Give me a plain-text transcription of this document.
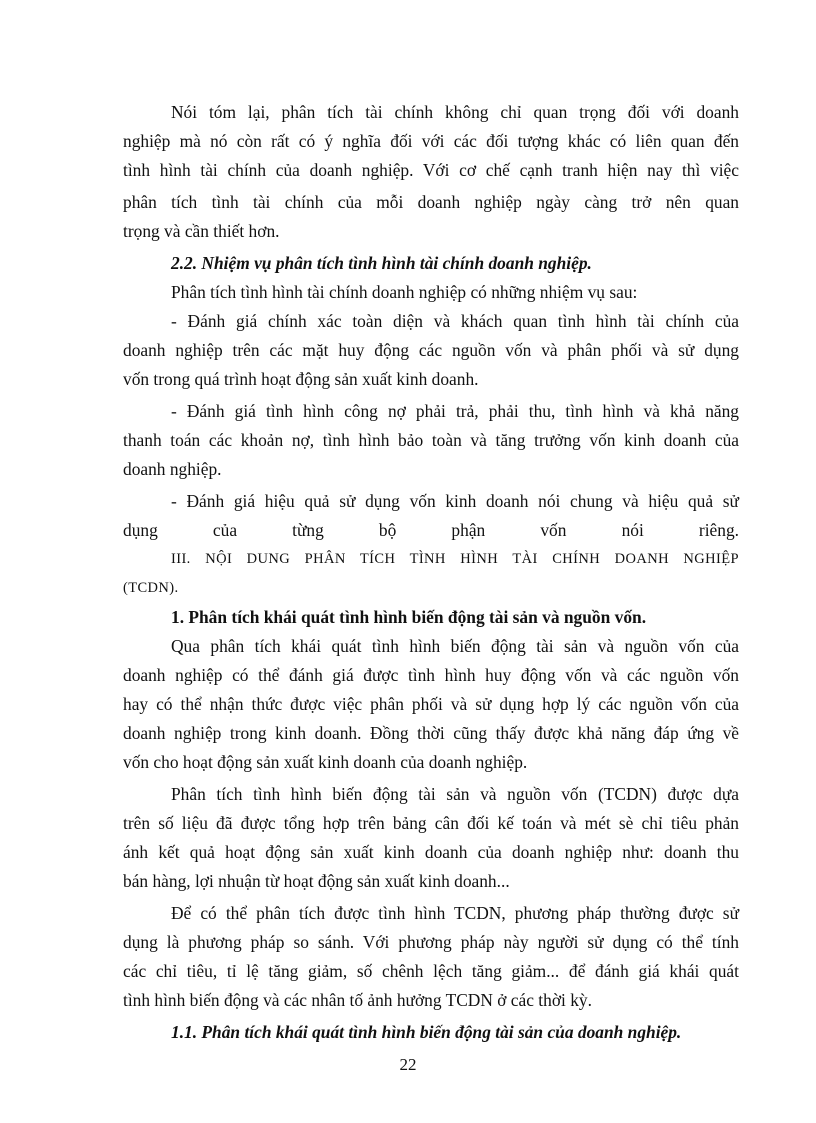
Nói tóm lại, phân tích tài chính không chỉ quan trọng đối với doanh

nghiệp mà nó còn rất có ý nghĩa đối với các đối tượng khác có liên quan đến

tình hình tài chính của doanh nghiệp. Với cơ chế cạnh tranh hiện nay thì việc

phân tích tình tài chính của mỗi doanh nghiệp ngày càng trở nên quan

trọng và cần thiết hơn.

2.2. Nhiệm vụ phân tích tình hình tài chính doanh nghiệp.

Phân tích tình hình tài chính doanh nghiệp có những nhiệm vụ sau:

- Đánh giá chính xác toàn diện và khách quan tình hình tài chính của

doanh nghiệp trên các mặt huy động các nguồn vốn và phân phối và sử dụng

vốn trong quá trình hoạt động sản xuất kinh doanh.

- Đánh giá tình hình công nợ phải trả, phải thu, tình hình và khả năng

thanh toán các khoản nợ, tình hình bảo toàn và tăng trưởng vốn kinh doanh của

doanh nghiệp.

- Đánh giá hiệu quả sử dụng vốn kinh doanh nói chung và hiệu quả sử

dụng của từng bộ phận vốn nói riêng.

III. NỘI DUNG PHÂN TÍCH TÌNH HÌNH TÀI CHÍNH DOANH NGHIỆP

(TCDN).

1. Phân tích khái quát tình hình biến động tài sản và nguồn vốn.

Qua phân tích khái quát tình hình biến động tài sản và nguồn vốn của

doanh nghiệp có thể đánh giá được tình hình huy động vốn và các nguồn vốn

hay có thể nhận thức được việc phân phối và sử dụng hợp lý các nguồn vốn của

doanh nghiệp trong kinh doanh. Đồng thời cũng thấy được khả năng đáp ứng về

vốn cho hoạt động sản xuất kinh doanh của doanh nghiệp.

Phân tích tình hình biến động tài sản và nguồn vốn (TCDN) được dựa

trên số liệu đã được tổng hợp trên bảng cân đối kế toán và mét sè chỉ tiêu phản

ánh kết quả hoạt động sản xuất kinh doanh của doanh nghiệp như: doanh thu

bán hàng, lợi nhuận từ hoạt động sản xuất kinh doanh...

Để có thể phân tích được tình hình TCDN, phương pháp thường được sử

dụng là phương pháp so sánh. Với phương pháp này người sử dụng có thể tính

các chỉ tiêu, tỉ lệ tăng giảm, số chênh lệch tăng giảm... để đánh giá khái quát

tình hình biến động và các nhân tố ảnh hưởng TCDN ở các thời kỳ.

1.1. Phân tích khái quát tình hình biến động tài sản của doanh nghiệp.

22
